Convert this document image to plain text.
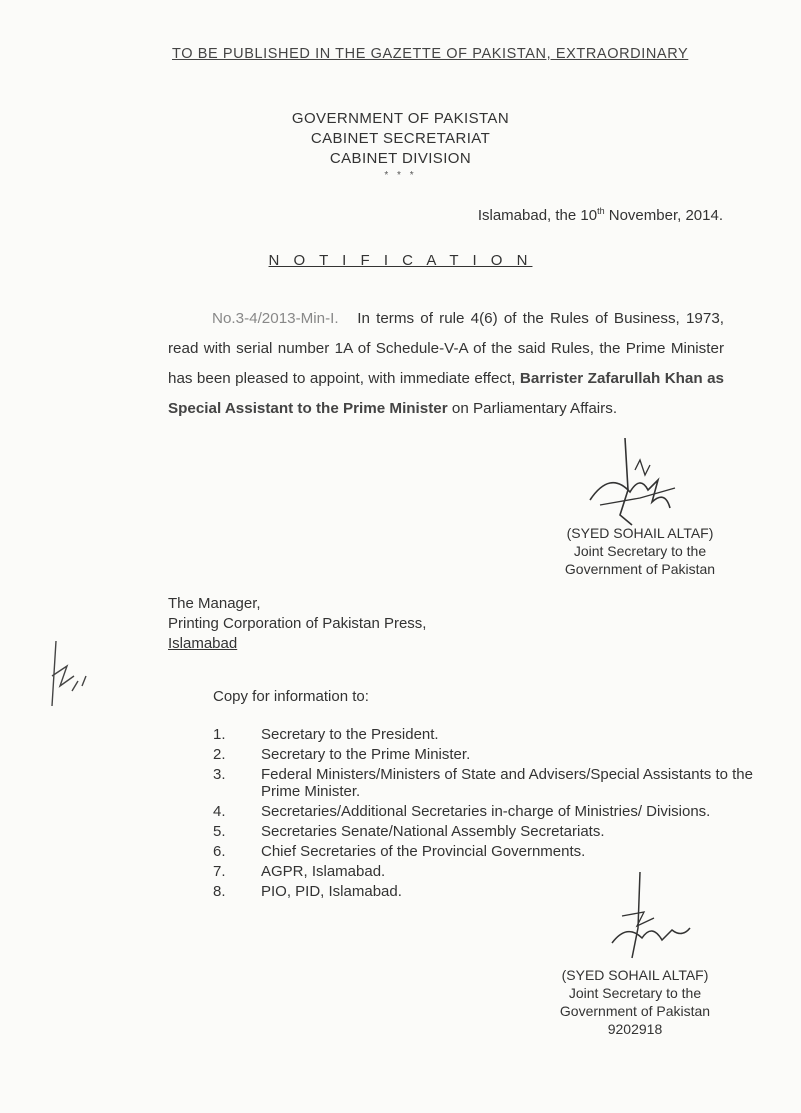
TO BE PUBLISHED IN THE GAZETTE OF PAKISTAN, EXTRAORDINARY
GOVERNMENT OF PAKISTAN
CABINET SECRETARIAT
CABINET DIVISION
* * *
Islamabad, the 10th November, 2014.
N O T I F I C A T I O N
No.3-4/2013-Min-I. In terms of rule 4(6) of the Rules of Business, 1973, read with serial number 1A of Schedule-V-A of the said Rules, the Prime Minister has been pleased to appoint, with immediate effect, Barrister Zafarullah Khan as Special Assistant to the Prime Minister on Parliamentary Affairs.
(SYED SOHAIL ALTAF)
Joint Secretary to the
Government of Pakistan
The Manager,
Printing Corporation of Pakistan Press,
Islamabad
Copy for information to:
1. Secretary to the President.
2. Secretary to the Prime Minister.
3. Federal Ministers/Ministers of State and Advisers/Special Assistants to the Prime Minister.
4. Secretaries/Additional Secretaries in-charge of Ministries/ Divisions.
5. Secretaries Senate/National Assembly Secretariats.
6. Chief Secretaries of the Provincial Governments.
7. AGPR, Islamabad.
8. PIO, PID, Islamabad.
(SYED SOHAIL ALTAF)
Joint Secretary to the
Government of Pakistan
9202918
